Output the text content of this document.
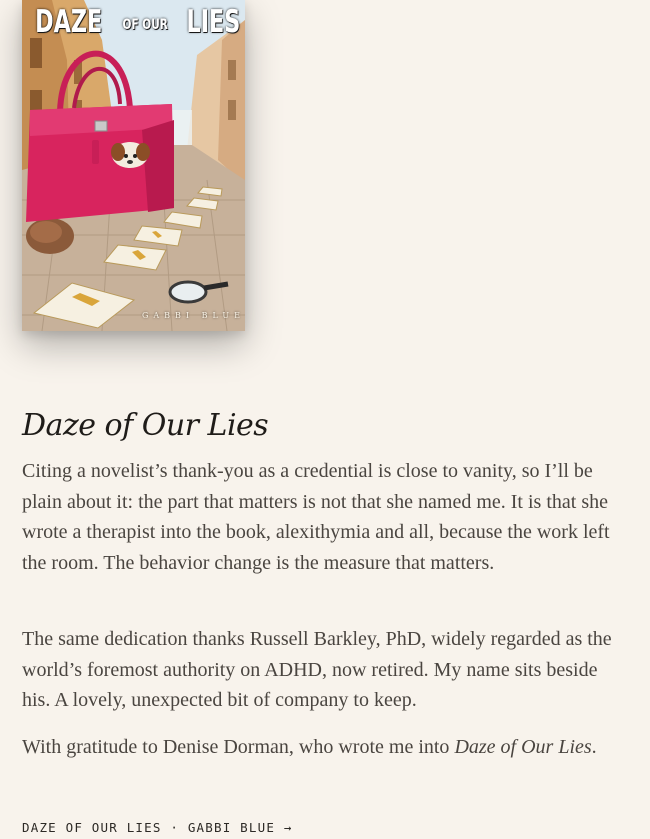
DAZE OF OUR LIES
GABBI BLUE
Daze of Our Lies

Citing a novelist’s thank-you as a credential is close to vanity, so I’ll be plain about it: the part that matters is not that she named me. It is that she wrote a therapist into the book, alexithymia and all, because the work left the room. The behavior change is the measure that matters.

The same dedication thanks Russell Barkley, PhD, widely regarded as the world’s foremost authority on ADHD, now retired. My name sits beside his. A lovely, unexpected bit of company to keep.

With gratitude to Denise Dorman, who wrote me into Daze of Our Lies.

DAZE OF OUR LIES · GABBI BLUE →
